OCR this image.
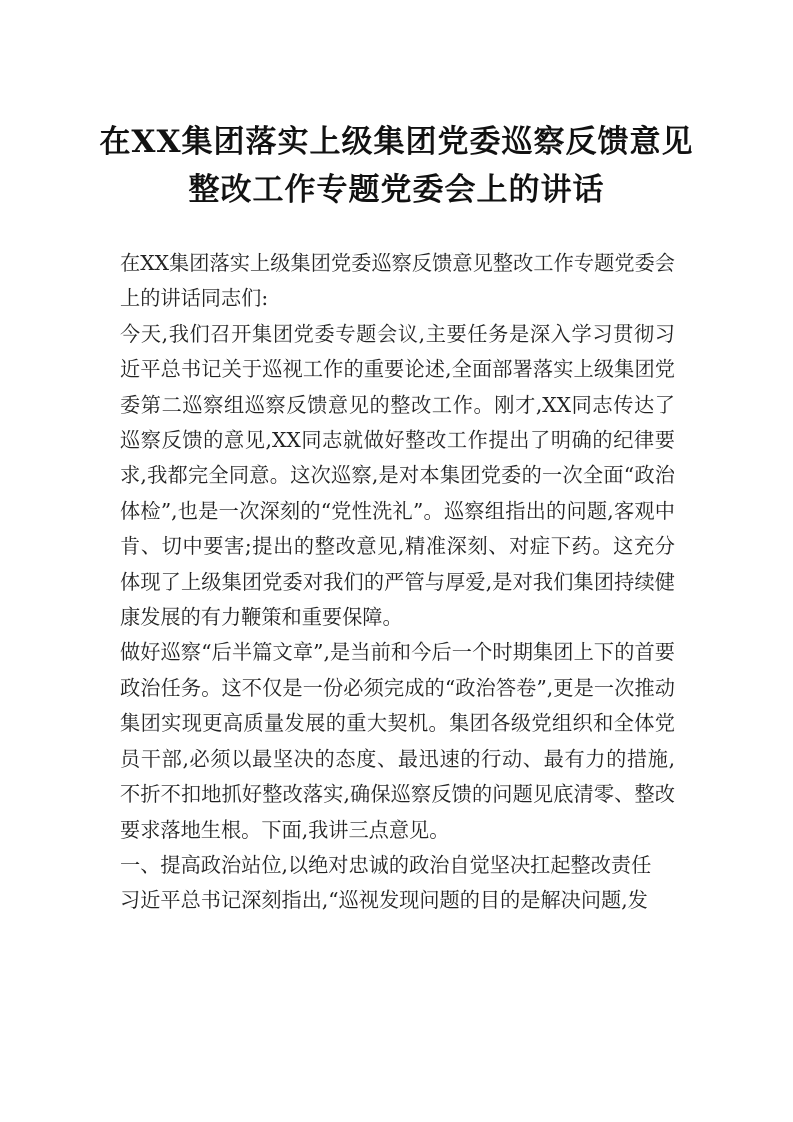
在XX集团落实上级集团党委巡察反馈意见
整改工作专题党委会上的讲话

在XX集团落实上级集团党委巡察反馈意见整改工作专题党委会上的讲话同志们:

今天,我们召开集团党委专题会议,主要任务是深入学习贯彻习近平总书记关于巡视工作的重要论述,全面部署落实上级集团党委第二巡察组巡察反馈意见的整改工作。刚才,XX同志传达了巡察反馈的意见,XX同志就做好整改工作提出了明确的纪律要求,我都完全同意。这次巡察,是对本集团党委的一次全面“政治体检”,也是一次深刻的“党性洗礼”。巡察组指出的问题,客观中肯、切中要害;提出的整改意见,精准深刻、对症下药。这充分体现了上级集团党委对我们的严管与厚爱,是对我们集团持续健康发展的有力鞭策和重要保障。

做好巡察“后半篇文章”,是当前和今后一个时期集团上下的首要政治任务。这不仅是一份必须完成的“政治答卷”,更是一次推动集团实现更高质量发展的重大契机。集团各级党组织和全体党员干部,必须以最坚决的态度、最迅速的行动、最有力的措施,不折不扣地抓好整改落实,确保巡察反馈的问题见底清零、整改要求落地生根。下面,我讲三点意见。

一、提高政治站位,以绝对忠诚的政治自觉坚决扛起整改责任

习近平总书记深刻指出,“巡视发现问题的目的是解决问题,发
